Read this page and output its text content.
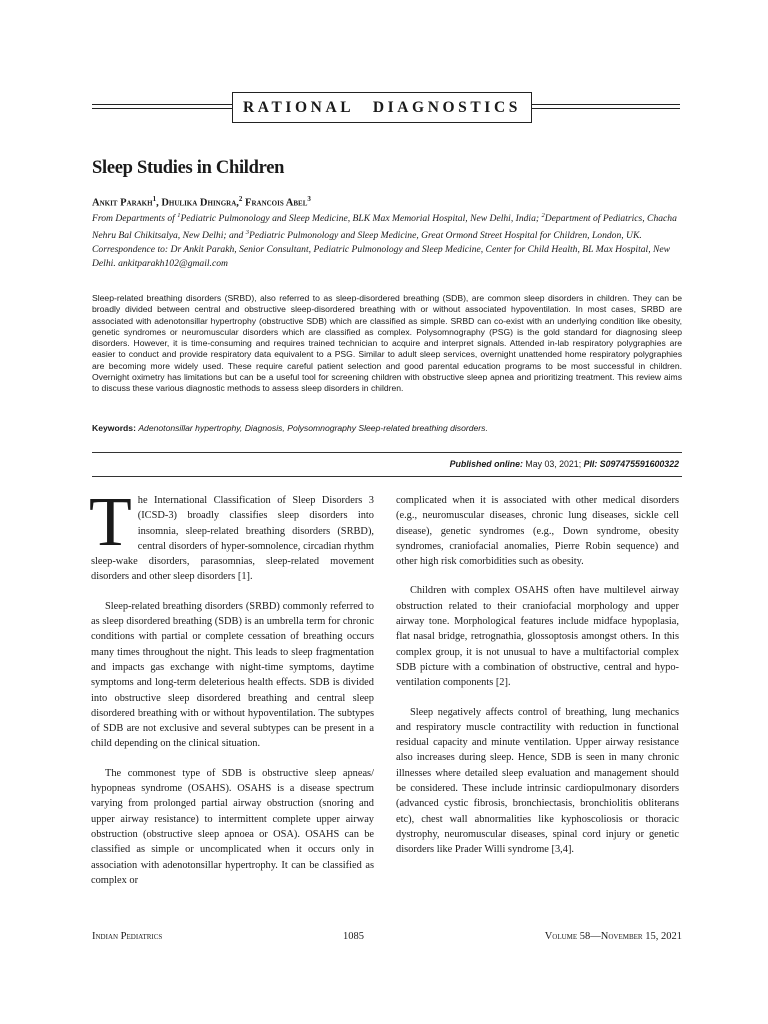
RATIONAL DIAGNOSTICS
Sleep Studies in Children
Ankit Parakh$^1$, Dhulika Dhingra,$^2$ Francois Abel$^3$

From Departments of $^1$Pediatric Pulmonology and Sleep Medicine, BLK Max Memorial Hospital, New Delhi, India; $^2$Department of Pediatrics, Chacha Nehru Bal Chikitsalya, New Delhi; and $^3$Pediatric Pulmonology and Sleep Medicine, Great Ormond Street Hospital for Children, London, UK.

Correspondence to: Dr Ankit Parakh, Senior Consultant, Pediatric Pulmonology and Sleep Medicine, Center for Child Health, BL Max Hospital, New Delhi. ankitparakh102@gmail.com

Sleep-related breathing disorders (SRBD), also referred to as sleep-disordered breathing (SDB), are common sleep disorders in children. They can be broadly divided between central and obstructive sleep-disordered breathing with or without associated hypoventilation. In most cases, SRBD are associated with adenotonsillar hypertrophy (obstructive SDB) which are classified as simple. SRBD can co-exist with an underlying condition like obesity, genetic syndromes or neuromuscular disorders which are classified as complex. Polysomnography (PSG) is the gold standard for diagnosing sleep disorders. However, it is time-consuming and requires trained technician to acquire and interpret signals. Attended in-lab respiratory polygraphies are easier to conduct and provide respiratory data equivalent to a PSG. Similar to adult sleep services, overnight unattended home respiratory polygraphies are becoming more widely used. These require careful patient selection and good parental education programs to be most successful in children. Overnight oximetry has limitations but can be a useful tool for screening children with obstructive sleep apnea and prioritizing treatment. This review aims to discuss these various diagnostic methods to assess sleep disorders in children.

Keywords: Adenotonsillar hypertrophy, Diagnosis, Polysomnography Sleep-related breathing disorders.

Published online: May 03, 2021; PII: S097475591600322

The International Classification of Sleep Disorders 3 (ICSD-3) broadly classifies sleep disorders into insomnia, sleep-related breathing disorders (SRBD), central disorders of hyper-somnolence, circadian rhythm sleep-wake disorders, parasomnias, sleep-related movement disorders and other sleep disorders [1].

Sleep-related breathing disorders (SRBD) commonly referred to as sleep disordered breathing (SDB) is an umbrella term for chronic conditions with partial or complete cessation of breathing occurs many times throughout the night. This leads to sleep fragmentation and impacts gas exchange with night-time symptoms, daytime symptoms and long-term deleterious health effects. SDB is divided into obstructive sleep disordered breathing and central sleep disordered breathing with or without hypoventilation. The subtypes of SDB are not exclusive and several subtypes can be present in a child depending on the clinical situation.

The commonest type of SDB is obstructive sleep apneas/ hypopneas syndrome (OSAHS). OSAHS is a disease spectrum varying from prolonged partial airway obstruction (snoring and upper airway resistance) to intermittent complete upper airway obstruction (obstructive sleep apnoea or OSA). OSAHS can be classified as simple or uncomplicated when it occurs only in association with adenotonsillar hypertrophy. It can be classified as complex or

complicated when it is associated with other medical disorders (e.g., neuromuscular diseases, chronic lung diseases, sickle cell disease), genetic syndromes (e.g., Down syndrome, obesity syndromes, craniofacial anomalies, Pierre Robin sequence) and other high risk comorbidities such as obesity.

Children with complex OSAHS often have multilevel airway obstruction related to their craniofacial morphology and upper airway tone. Morphological features include midface hypoplasia, flat nasal bridge, retrognathia, glossoptosis amongst others. In this complex group, it is not unusual to have a multifactorial complex SDB picture with a combination of obstructive, central and hypo-ventilation components [2].

Sleep negatively affects control of breathing, lung mechanics and respiratory muscle contractility with reduction in functional residual capacity and minute ventilation. Upper airway resistance also increases during sleep. Hence, SDB is seen in many chronic illnesses where detailed sleep evaluation and management should be considered. These include intrinsic cardiopulmonary disorders (advanced cystic fibrosis, bronchiectasis, bronchiolitis obliterans etc), chest wall abnormalities like kyphoscoliosis or thoracic dystrophy, neuromuscular diseases, spinal cord injury or genetic disorders like Prader Willi syndrome [3,4].

Indian Pediatrics	1085	Volume 58—November 15, 2021
